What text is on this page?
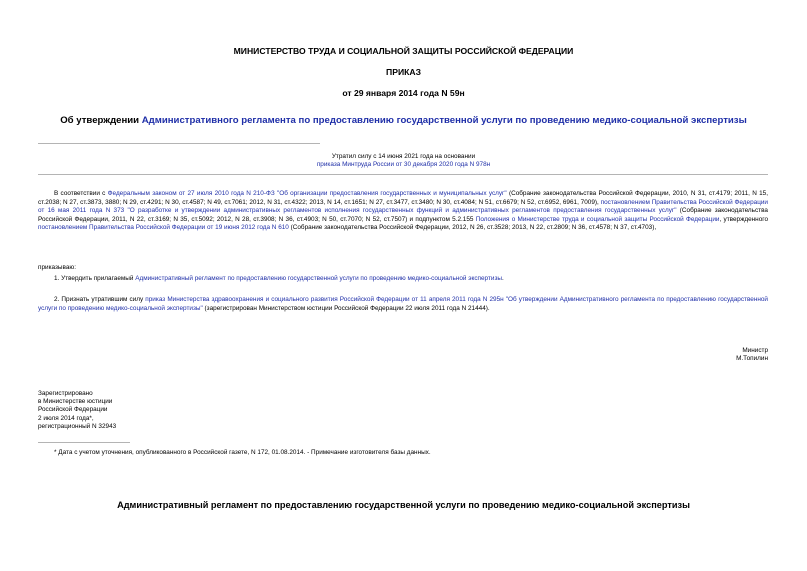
МИНИСТЕРСТВО ТРУДА И СОЦИАЛЬНОЙ ЗАЩИТЫ РОССИЙСКОЙ ФЕДЕРАЦИИ
ПРИКАЗ
от 29 января 2014 года N 59н
Об утверждении Административного регламента по предоставлению государственной услуги по проведению медико-социальной экспертизы
Утратил силу с 14 июня 2021 года на основании
приказа Минтруда России от 30 декабря 2020 года N 978н
В соответствии с Федеральным законом от 27 июля 2010 года N 210-ФЗ "Об организации предоставления государственных и муниципальных услуг" (Собрание законодательства Российской Федерации, 2010, N 31, ст.4179; 2011, N 15, ст.2038; N 27, ст.3873, 3880; N 29, ст.4291; N 30, ст.4587; N 49, ст.7061; 2012, N 31, ст.4322; 2013, N 14, ст.1651; N 27, ст.3477, ст.3480; N 30, ст.4084; N 51, ст.6679; N 52, ст.6952, 6961, 7009), постановлением Правительства Российской Федерации от 16 мая 2011 года N 373 "О разработке и утверждении административных регламентов исполнения государственных функций и административных регламентов предоставления государственных услуг" (Собрание законодательства Российской Федерации, 2011, N 22, ст.3169; N 35, ст.5092; 2012, N 28, ст.3908; N 36, ст.4903; N 50, ст.7070; N 52, ст.7507) и подпунктом 5.2.155 Положения о Министерстве труда и социальной защиты Российской Федерации, утвержденного постановлением Правительства Российской Федерации от 19 июня 2012 года N 610 (Собрание законодательства Российской Федерации, 2012, N 26, ст.3528; 2013, N 22, ст.2809; N 36, ст.4578; N 37, ст.4703),
приказываю:
1. Утвердить прилагаемый Административный регламент по предоставлению государственной услуги по проведению медико-социальной экспертизы.
2. Признать утратившим силу приказ Министерства здравоохранения и социального развития Российской Федерации от 11 апреля 2011 года N 295н "Об утверждении Административного регламента по предоставлению государственной услуги по проведению медико-социальной экспертизы" (зарегистрирован Министерством юстиции Российской Федерации 22 июля 2011 года N 21444).
Министр
М.Топилин
Зарегистрировано
в Министерстве юстиции
Российской Федерации
2 июля 2014 года*,
регистрационный N 32943
* Дата с учетом уточнения, опубликованного в Российской газете, N 172, 01.08.2014. - Примечание изготовителя базы данных.
Административный регламент по предоставлению государственной услуги по проведению медико-социальной экспертизы
